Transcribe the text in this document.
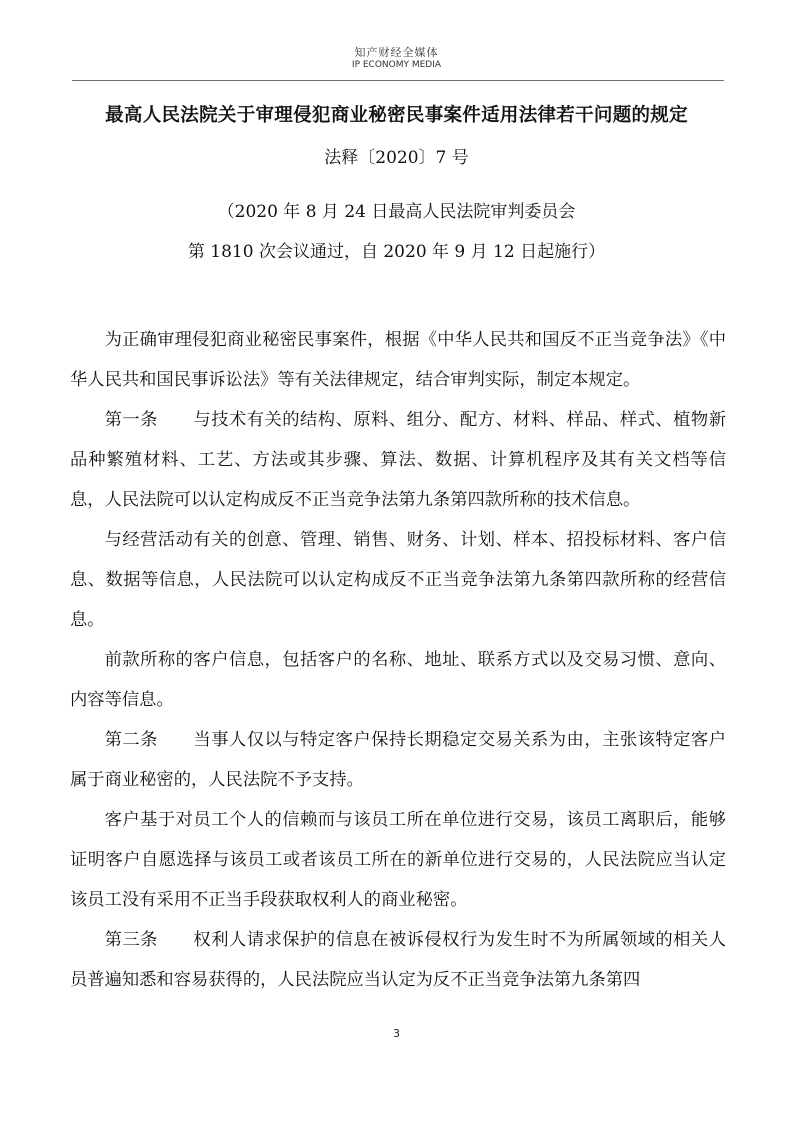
知产财经全媒体
IP ECONOMY MEDIA
最高人民法院关于审理侵犯商业秘密民事案件适用法律若干问题的规定
法释〔2020〕7 号
（2020 年 8 月 24 日最高人民法院审判委员会
第 1810 次会议通过，自 2020 年 9 月 12 日起施行）

为正确审理侵犯商业秘密民事案件，根据《中华人民共和国反不正当竞争法》《中华人民共和国民事诉讼法》等有关法律规定，结合审判实际，制定本规定。

第一条　　与技术有关的结构、原料、组分、配方、材料、样品、样式、植物新品种繁殖材料、工艺、方法或其步骤、算法、数据、计算机程序及其有关文档等信息，人民法院可以认定构成反不正当竞争法第九条第四款所称的技术信息。

与经营活动有关的创意、管理、销售、财务、计划、样本、招投标材料、客户信息、数据等信息，人民法院可以认定构成反不正当竞争法第九条第四款所称的经营信息。

前款所称的客户信息，包括客户的名称、地址、联系方式以及交易习惯、意向、内容等信息。

第二条　　当事人仅以与特定客户保持长期稳定交易关系为由，主张该特定客户属于商业秘密的，人民法院不予支持。

客户基于对员工个人的信赖而与该员工所在单位进行交易，该员工离职后，能够证明客户自愿选择与该员工或者该员工所在的新单位进行交易的，人民法院应当认定该员工没有采用不正当手段获取权利人的商业秘密。

第三条　　权利人请求保护的信息在被诉侵权行为发生时不为所属领域的相关人员普遍知悉和容易获得的，人民法院应当认定为反不正当竞争法第九条第四

3
